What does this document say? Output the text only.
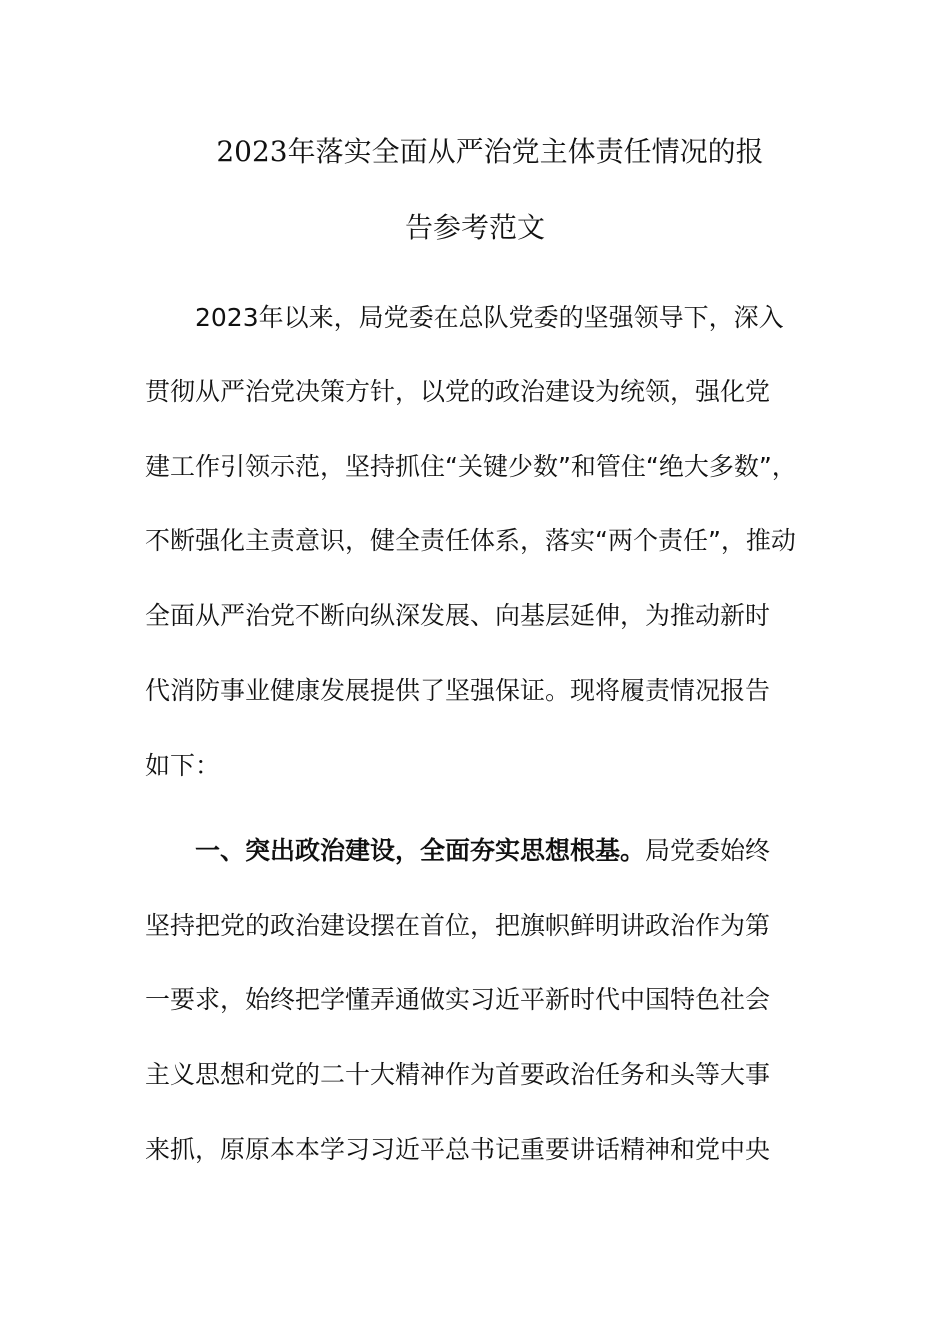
2023年落实全面从严治党主体责任情况的报
告参考范文
2023年以来，局党委在总队党委的坚强领导下，深入
贯彻从严治党决策方针，以党的政治建设为统领，强化党
建工作引领示范，坚持抓住“关键少数”和管住“绝大多数”，
不断强化主责意识，健全责任体系，落实“两个责任”，推动
全面从严治党不断向纵深发展、向基层延伸，为推动新时
代消防事业健康发展提供了坚强保证。现将履责情况报告
如下：
一、突出政治建设，全面夯实思想根基。局党委始终
坚持把党的政治建设摆在首位，把旗帜鲜明讲政治作为第
一要求，始终把学懂弄通做实习近平新时代中国特色社会
主义思想和党的二十大精神作为首要政治任务和头等大事
来抓，原原本本学习习近平总书记重要讲话精神和党中央
